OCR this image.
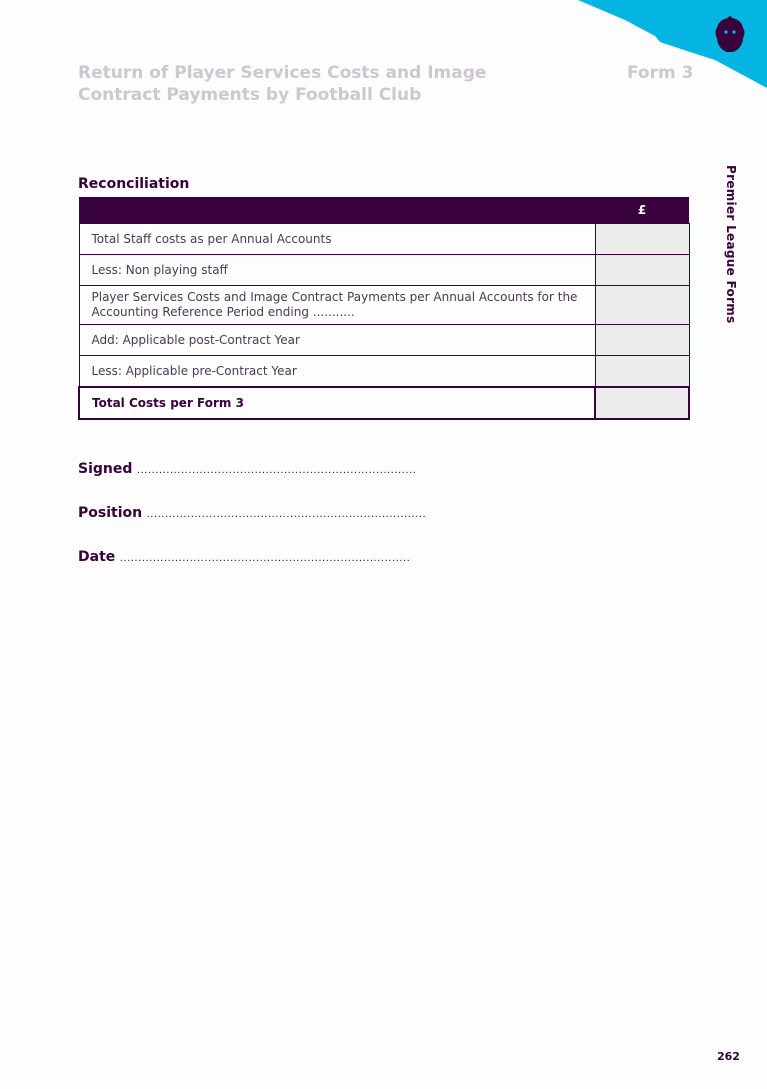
Return of Player Services Costs and Image
Contract Payments by Football Club
Form 3
Premier League Forms
Reconciliation
	£
Total Staff costs as per Annual Accounts	
Less: Non playing staff	
Player Services Costs and Image Contract Payments per Annual Accounts for the Accounting Reference Period ending ...........	
Add: Applicable post-Contract Year	
Less: Applicable pre-Contract Year	
Total Costs per Form 3	
Signed ............................................................................
Position ............................................................................
Date ...............................................................................
262
